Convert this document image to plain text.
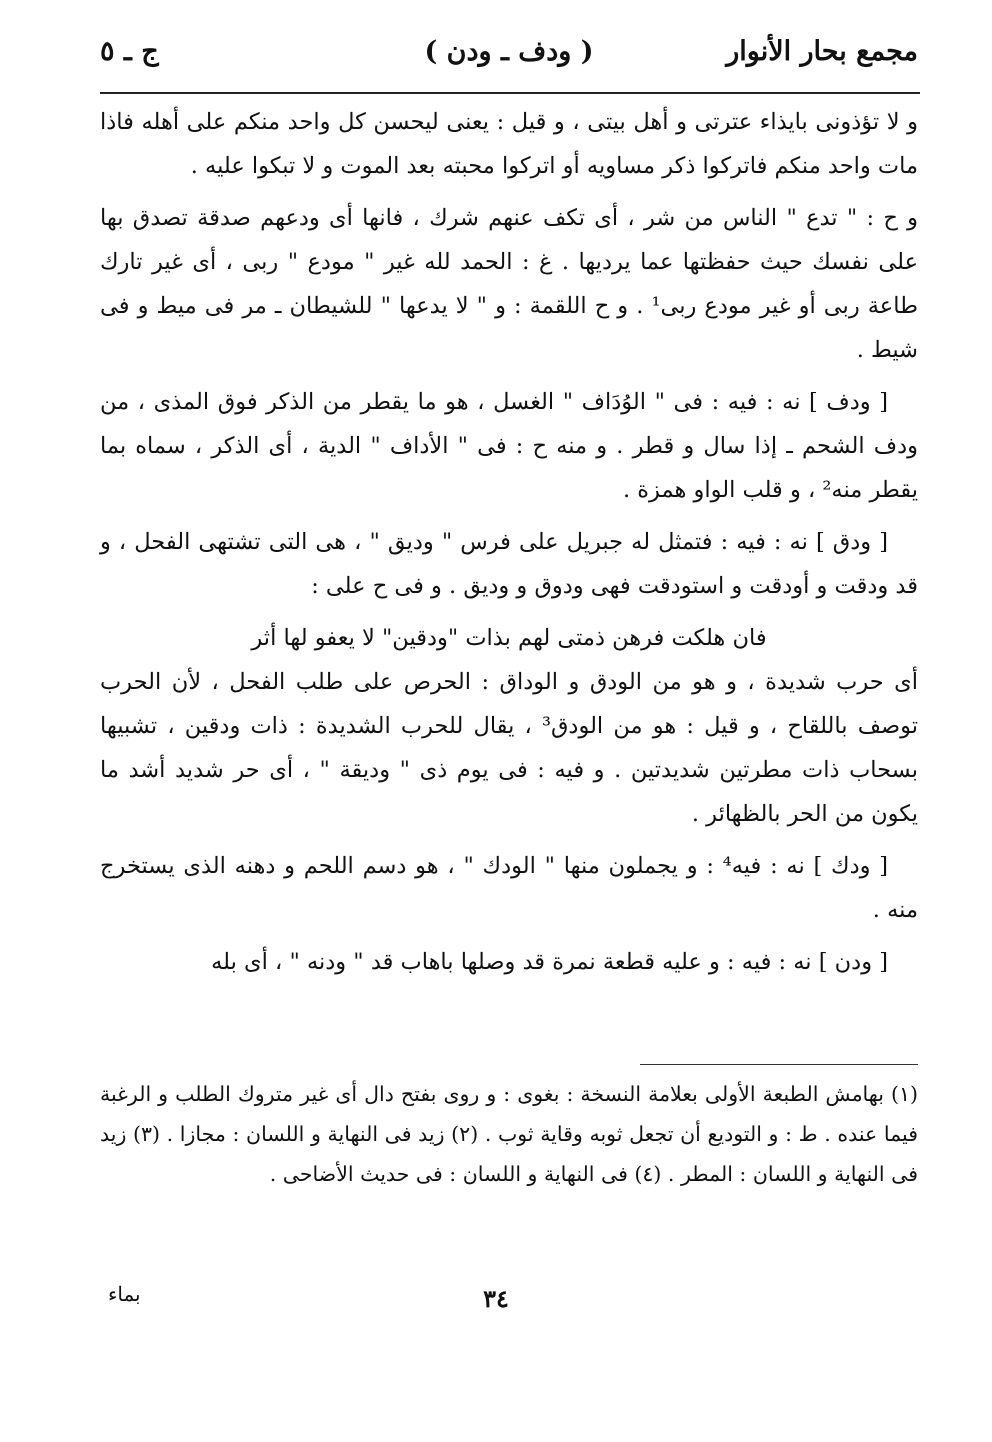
مجمع بحار الأنوار
( ودف ـ ودن )
ج ـ ٥

و لا تؤذونى بايذاء عترتى و أهل بيتى ، و قيل : يعنى ليحسن كل واحد منكم على أهله فاذا مات واحد منكم فاتركوا ذكر مساويه أو اتركوا محبته بعد الموت و لا تبكوا عليه .

و ح : " تدع " الناس من شر ، أى تكف عنهم شرك ، فانها أى ودعهم صدقة تصدق بها على نفسك حيث حفظتها عما يرديها . غ : الحمد لله غير " مودع " ربى ، أى غير تارك طاعة ربى أو غير مودع ربى¹ . و ح اللقمة : و " لا يدعها " للشيطان ـ مر فى ميط و فى شيط .

[ ودف ] نه : فيه : فى " الوُدَاف " الغسل ، هو ما يقطر من الذكر فوق المذى ، من ودف الشحم ـ إذا سال و قطر . و منه ح : فى " الأداف " الدية ، أى الذكر ، سماه بما يقطر منه² ، و قلب الواو همزة .

[ ودق ] نه : فيه : فتمثل له جبريل على فرس " وديق " ، هى التى تشتهى الفحل ، و قد ودقت و أودقت و استودقت فهى ودوق و وديق . و فى ح على :

فان هلكت فرهن ذمتى لهم بذات "ودقين" لا يعفو لها أثر

أى حرب شديدة ، و هو من الودق و الوداق : الحرص على طلب الفحل ، لأن الحرب توصف باللقاح ، و قيل : هو من الودق³ ، يقال للحرب الشديدة : ذات ودقين ، تشبيها بسحاب ذات مطرتين شديدتين . و فيه : فى يوم ذى " وديقة " ، أى حر شديد أشد ما يكون من الحر بالظهائر .

[ ودك ] نه : فيه⁴ : و يجملون منها " الودك " ، هو دسم اللحم و دهنه الذى يستخرج منه .

[ ودن ] نه : فيه : و عليه قطعة نمرة قد وصلها باهاب قد " ودنه " ، أى بله

(١) بهامش الطبعة الأولى بعلامة النسخة : بغوى : و روى بفتح دال أى غير متروك الطلب و الرغبة فيما عنده . ط : و التوديع أن تجعل ثوبه وقاية ثوب . (٢) زيد فى النهاية و اللسان : مجازا . (٣) زيد فى النهاية و اللسان : المطر . (٤) فى النهاية و اللسان : فى حديث الأضاحى .

٣٤
بماء
